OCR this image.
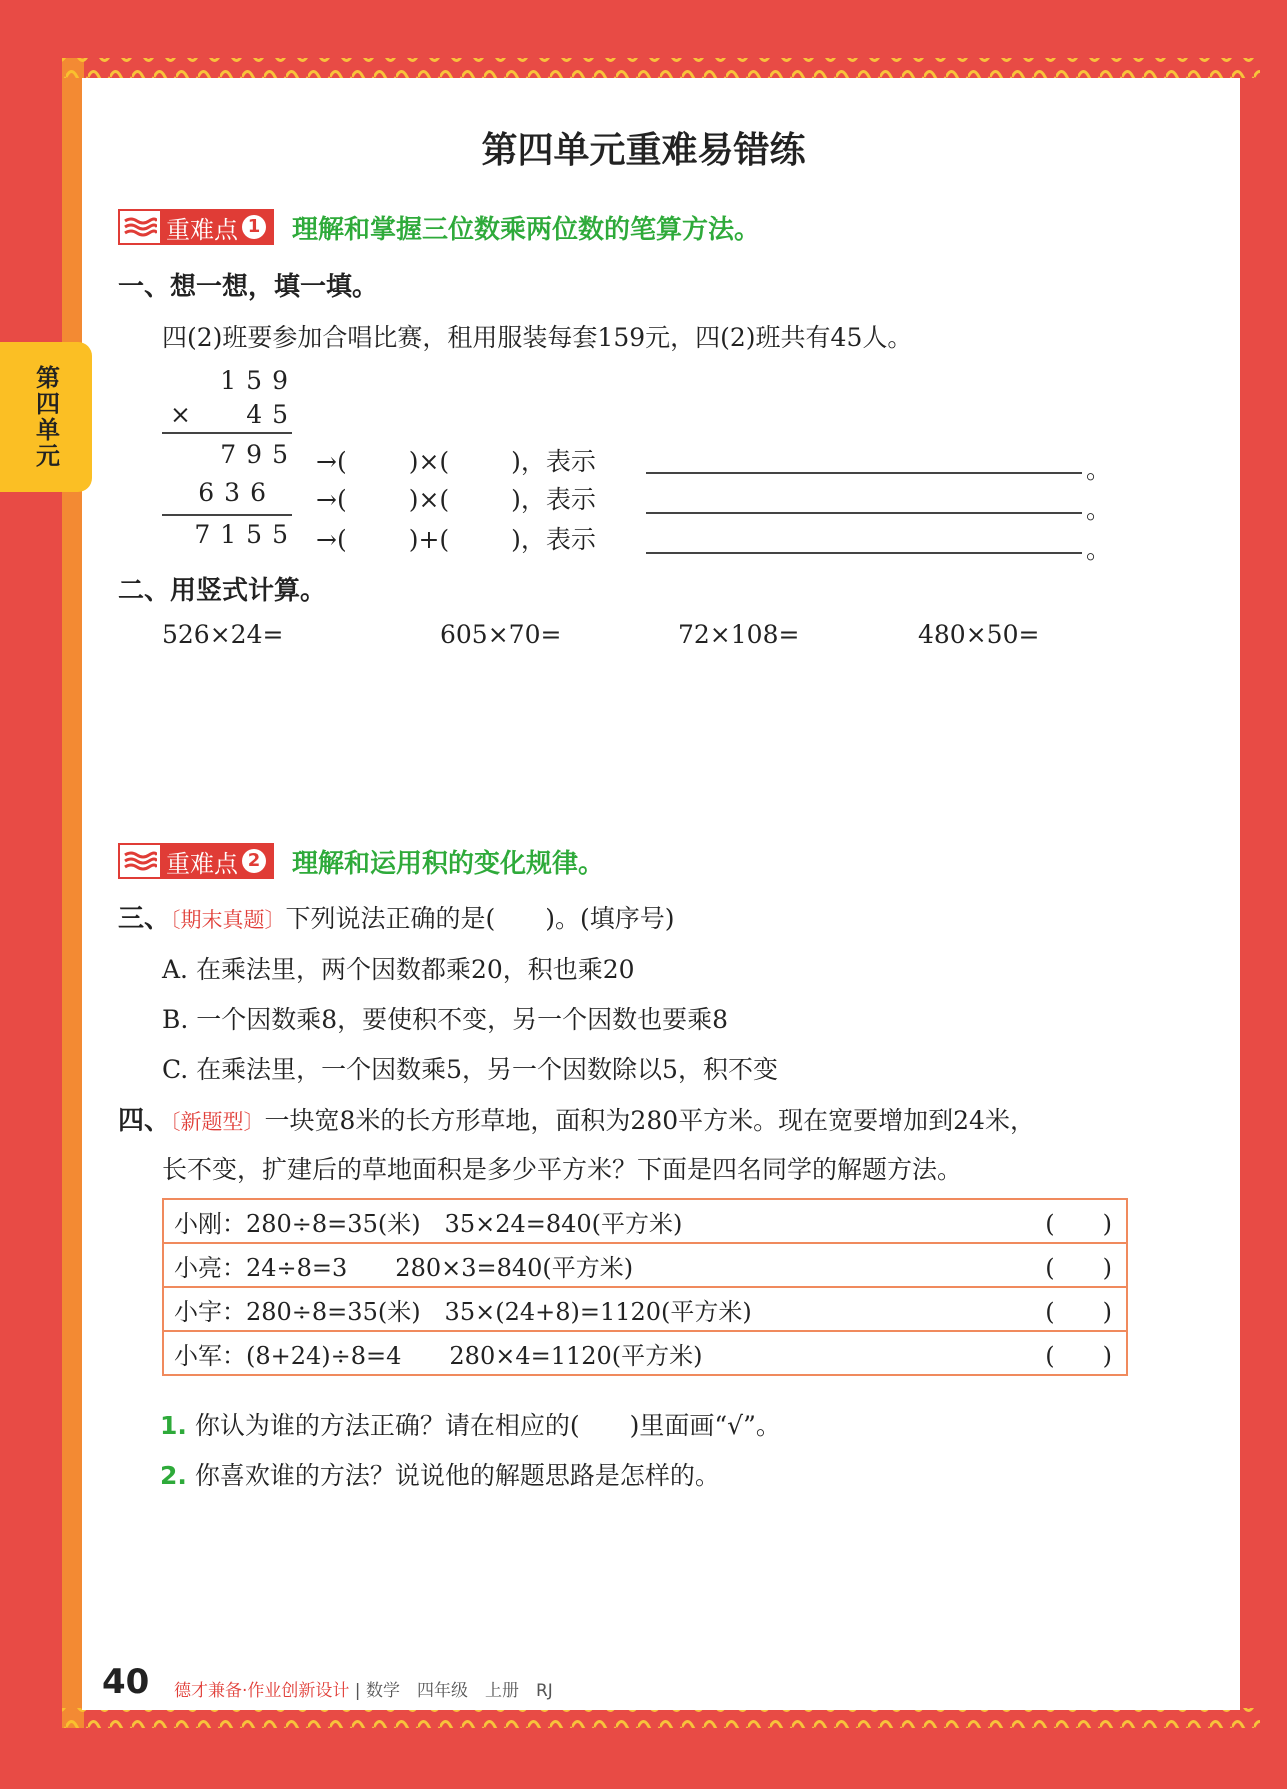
第四单元
第四单元重难易错练
重难点 1 理解和掌握三位数乘两位数的笔算方法。
一、想一想，填一填。
四(2)班要参加合唱比赛，租用服装每套159元，四(2)班共有45人。
159
×	45
795
636
7155
→( )×( )，表示	。
→( )×( )，表示	。
→( )+( )，表示	。
二、用竖式计算。
526×24=	605×70=	72×108=	480×50=
重难点 2 理解和运用积的变化规律。
三、〔期末真题〕下列说法正确的是(　　)。(填序号)
A. 在乘法里，两个因数都乘20，积也乘20
B. 一个因数乘8，要使积不变，另一个因数也要乘8
C. 在乘法里，一个因数乘5，另一个因数除以5，积不变
四、〔新题型〕一块宽8米的长方形草地，面积为280平方米。现在宽要增加到24米，
长不变，扩建后的草地面积是多少平方米？下面是四名同学的解题方法。
小刚：280÷8=35(米)　35×24=840(平方米)	(　　)
小亮：24÷8=3　　280×3=840(平方米)	(　　)
小宇：280÷8=35(米)　35×(24+8)=1120(平方米)	(　　)
小军：(8+24)÷8=4　　280×4=1120(平方米)	(　　)
1. 你认为谁的方法正确？请在相应的(　　)里面画“√”。
2. 你喜欢谁的方法？说说他的解题思路是怎样的。
40 德才兼备·作业创新设计 | 数学　四年级　上册　RJ
